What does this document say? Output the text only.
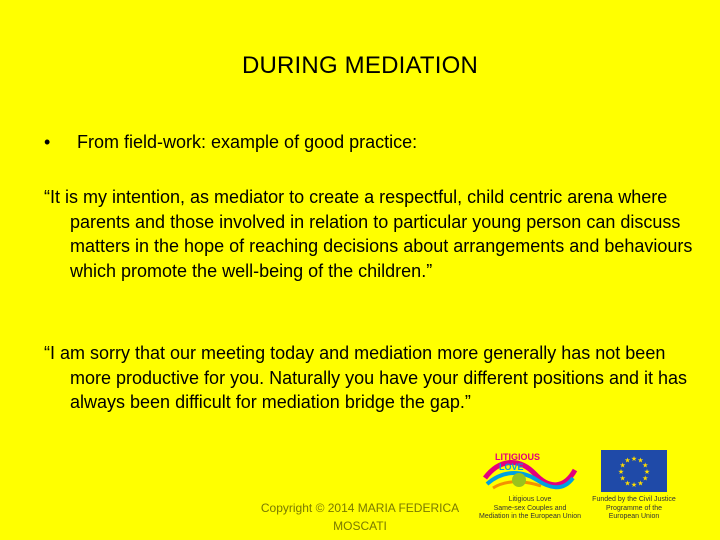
DURING MEDIATION
•	From field-work: example of good practice:
“It is my intention, as mediator to create a respectful, child centric arena where parents and those involved in relation to particular young person can discuss matters in the hope of reaching decisions about arrangements and behaviours which promote the well-being of the children.”
“I am sorry that our meeting today and mediation more generally has not been more productive for you. Naturally you have your different positions and it has always been difficult for mediation bridge the gap.”
Copyright © 2014 MARIA FEDERICA MOSCATI
LITIGIOUS
LOVE
Litigious Love
Same-sex Couples and
Mediation in the European Union
★
★
★
★
★
★
★
★
★ ★ ★
★
Funded by the Civil Justice
Programme of the
European Union
